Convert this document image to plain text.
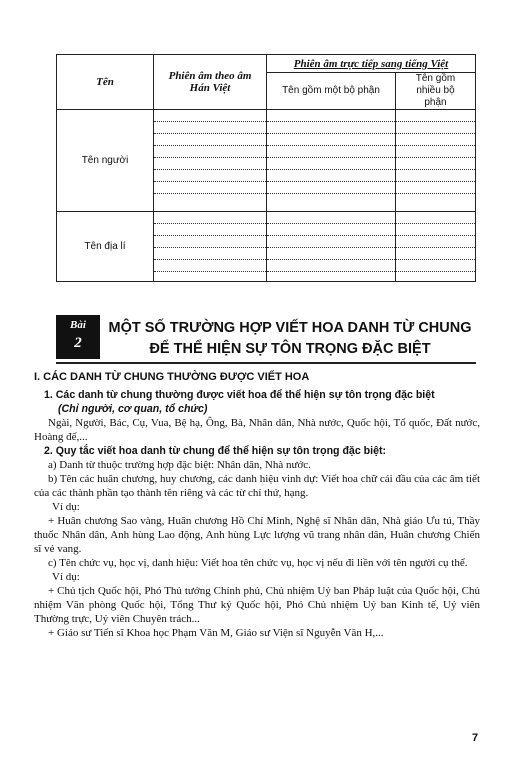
Tên	Phiên âm theo âm Hán Việt	Phiên âm trực tiếp sang tiếng Việt	
		Tên gồm một bộ phận	Tên gồm nhiều bộ phận
Tên người	

Tên địa lí	

Bài
2
MỘT SỐ TRƯỜNG HỢP VIẾT HOA DANH TỪ CHUNG
ĐỂ THỂ HIỆN SỰ TÔN TRỌNG ĐẶC BIỆT
I. CÁC DANH TỪ CHUNG THƯỜNG ĐƯỢC VIẾT HOA

1. Các danh từ chung thường được viết hoa để thể hiện sự tôn trọng đặc biệt

(Chỉ người, cơ quan, tổ chức)

Ngài, Người, Bác, Cụ, Vua, Bệ hạ, Ông, Bà, Nhân dân, Nhà nước, Quốc hội, Tổ quốc, Đất nước, Hoàng đế,...

2. Quy tắc viết hoa danh từ chung để thể hiện sự tôn trọng đặc biệt:

a) Danh từ thuộc trường hợp đặc biệt: Nhân dân, Nhà nước.

b) Tên các huân chương, huy chương, các danh hiệu vinh dự: Viết hoa chữ cái đầu của các âm tiết của các thành phần tạo thành tên riêng và các từ chỉ thứ, hạng.

Ví dụ:

+ Huân chương Sao vàng, Huân chương Hồ Chí Minh, Nghệ sĩ Nhân dân, Nhà giáo Ưu tú, Thầy thuốc Nhân dân, Anh hùng Lao động, Anh hùng Lực lượng vũ trang nhân dân, Huân chương Chiến sĩ vẻ vang.

c) Tên chức vụ, học vị, danh hiệu: Viết hoa tên chức vụ, học vị nếu đi liền với tên người cụ thể.

Ví dụ:

+ Chủ tịch Quốc hội, Phó Thủ tướng Chính phủ, Chủ nhiệm Uỷ ban Pháp luật của Quốc hội, Chủ nhiệm Văn phòng Quốc hội, Tổng Thư ký Quốc hội, Phó Chủ nhiệm Uỷ ban Kinh tế, Uỷ viên Thường trực, Uỷ viên Chuyên trách...

+ Giáo sư Tiến sĩ Khoa học Phạm Văn M, Giáo sư Viện sĩ Nguyễn Văn H,...

7
